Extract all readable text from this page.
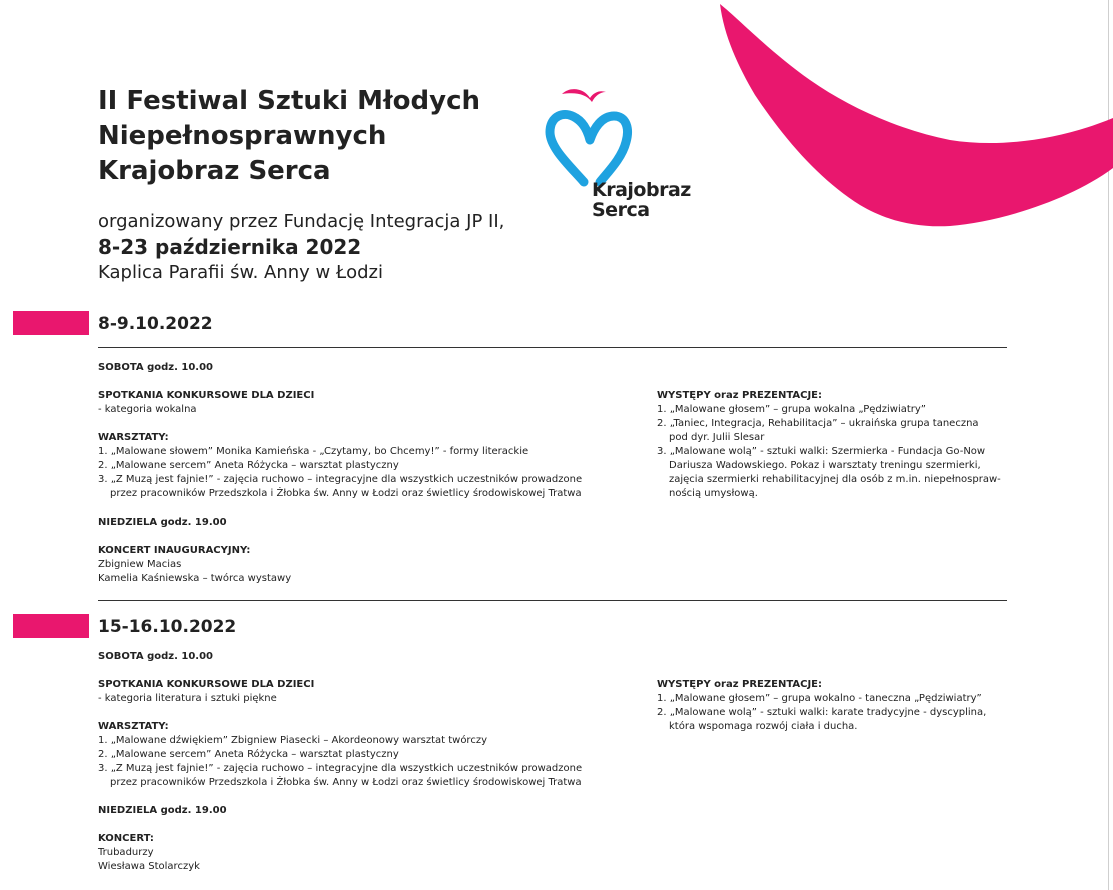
II Festiwal Sztuki Młodych
Niepełnosprawnych
Krajobraz Serca
organizowany przez Fundację Integracja JP II,
8-23 października 2022
Kaplica Parafii św. Anny w Łodzi
Krajobraz
Serca
8-9.10.2022
SOBOTA godz. 10.00
SPOTKANIA KONKURSOWE DLA DZIECI
- kategoria wokalna
WARSZTATY:
1. „Malowane słowem” Monika Kamieńska - „Czytamy, bo Chcemy!” - formy literackie
2. „Malowane sercem” Aneta Różycka – warsztat plastyczny
3. „Z Muzą jest fajnie!” - zajęcia ruchowo – integracyjne dla wszystkich uczestników prowadzone
przez pracowników Przedszkola i Żłobka św. Anny w Łodzi oraz świetlicy środowiskowej Tratwa
NIEDZIELA godz. 19.00
KONCERT INAUGURACYJNY:
Zbigniew Macias
Kamelia Kaśniewska – twórca wystawy
WYSTĘPY oraz PREZENTACJE:
1. „Malowane głosem” – grupa wokalna „Pędziwiatry”
2. „Taniec, Integracja, Rehabilitacja” – ukraińska grupa taneczna
pod dyr. Julii Slesar
3. „Malowane wolą” - sztuki walki: Szermierka - Fundacja Go-Now
Dariusza Wadowskiego. Pokaz i warsztaty treningu szermierki,
zajęcia szermierki rehabilitacyjnej dla osób z m.in. niepełnospraw-
nością umysłową.
15-16.10.2022
SOBOTA godz. 10.00
SPOTKANIA KONKURSOWE DLA DZIECI
- kategoria literatura i sztuki piękne
WARSZTATY:
1. „Malowane dźwiękiem” Zbigniew Piasecki – Akordeonowy warsztat twórczy
2. „Malowane sercem” Aneta Różycka – warsztat plastyczny
3. „Z Muzą jest fajnie!” - zajęcia ruchowo – integracyjne dla wszystkich uczestników prowadzone
przez pracowników Przedszkola i Żłobka św. Anny w Łodzi oraz świetlicy środowiskowej Tratwa
NIEDZIELA godz. 19.00
KONCERT:
Trubadurzy
Wiesława Stolarczyk
WYSTĘPY oraz PREZENTACJE:
1. „Malowane głosem” – grupa wokalno - taneczna „Pędziwiatry”
2. „Malowane wolą” - sztuki walki: karate tradycyjne - dyscyplina,
która wspomaga rozwój ciała i ducha.
